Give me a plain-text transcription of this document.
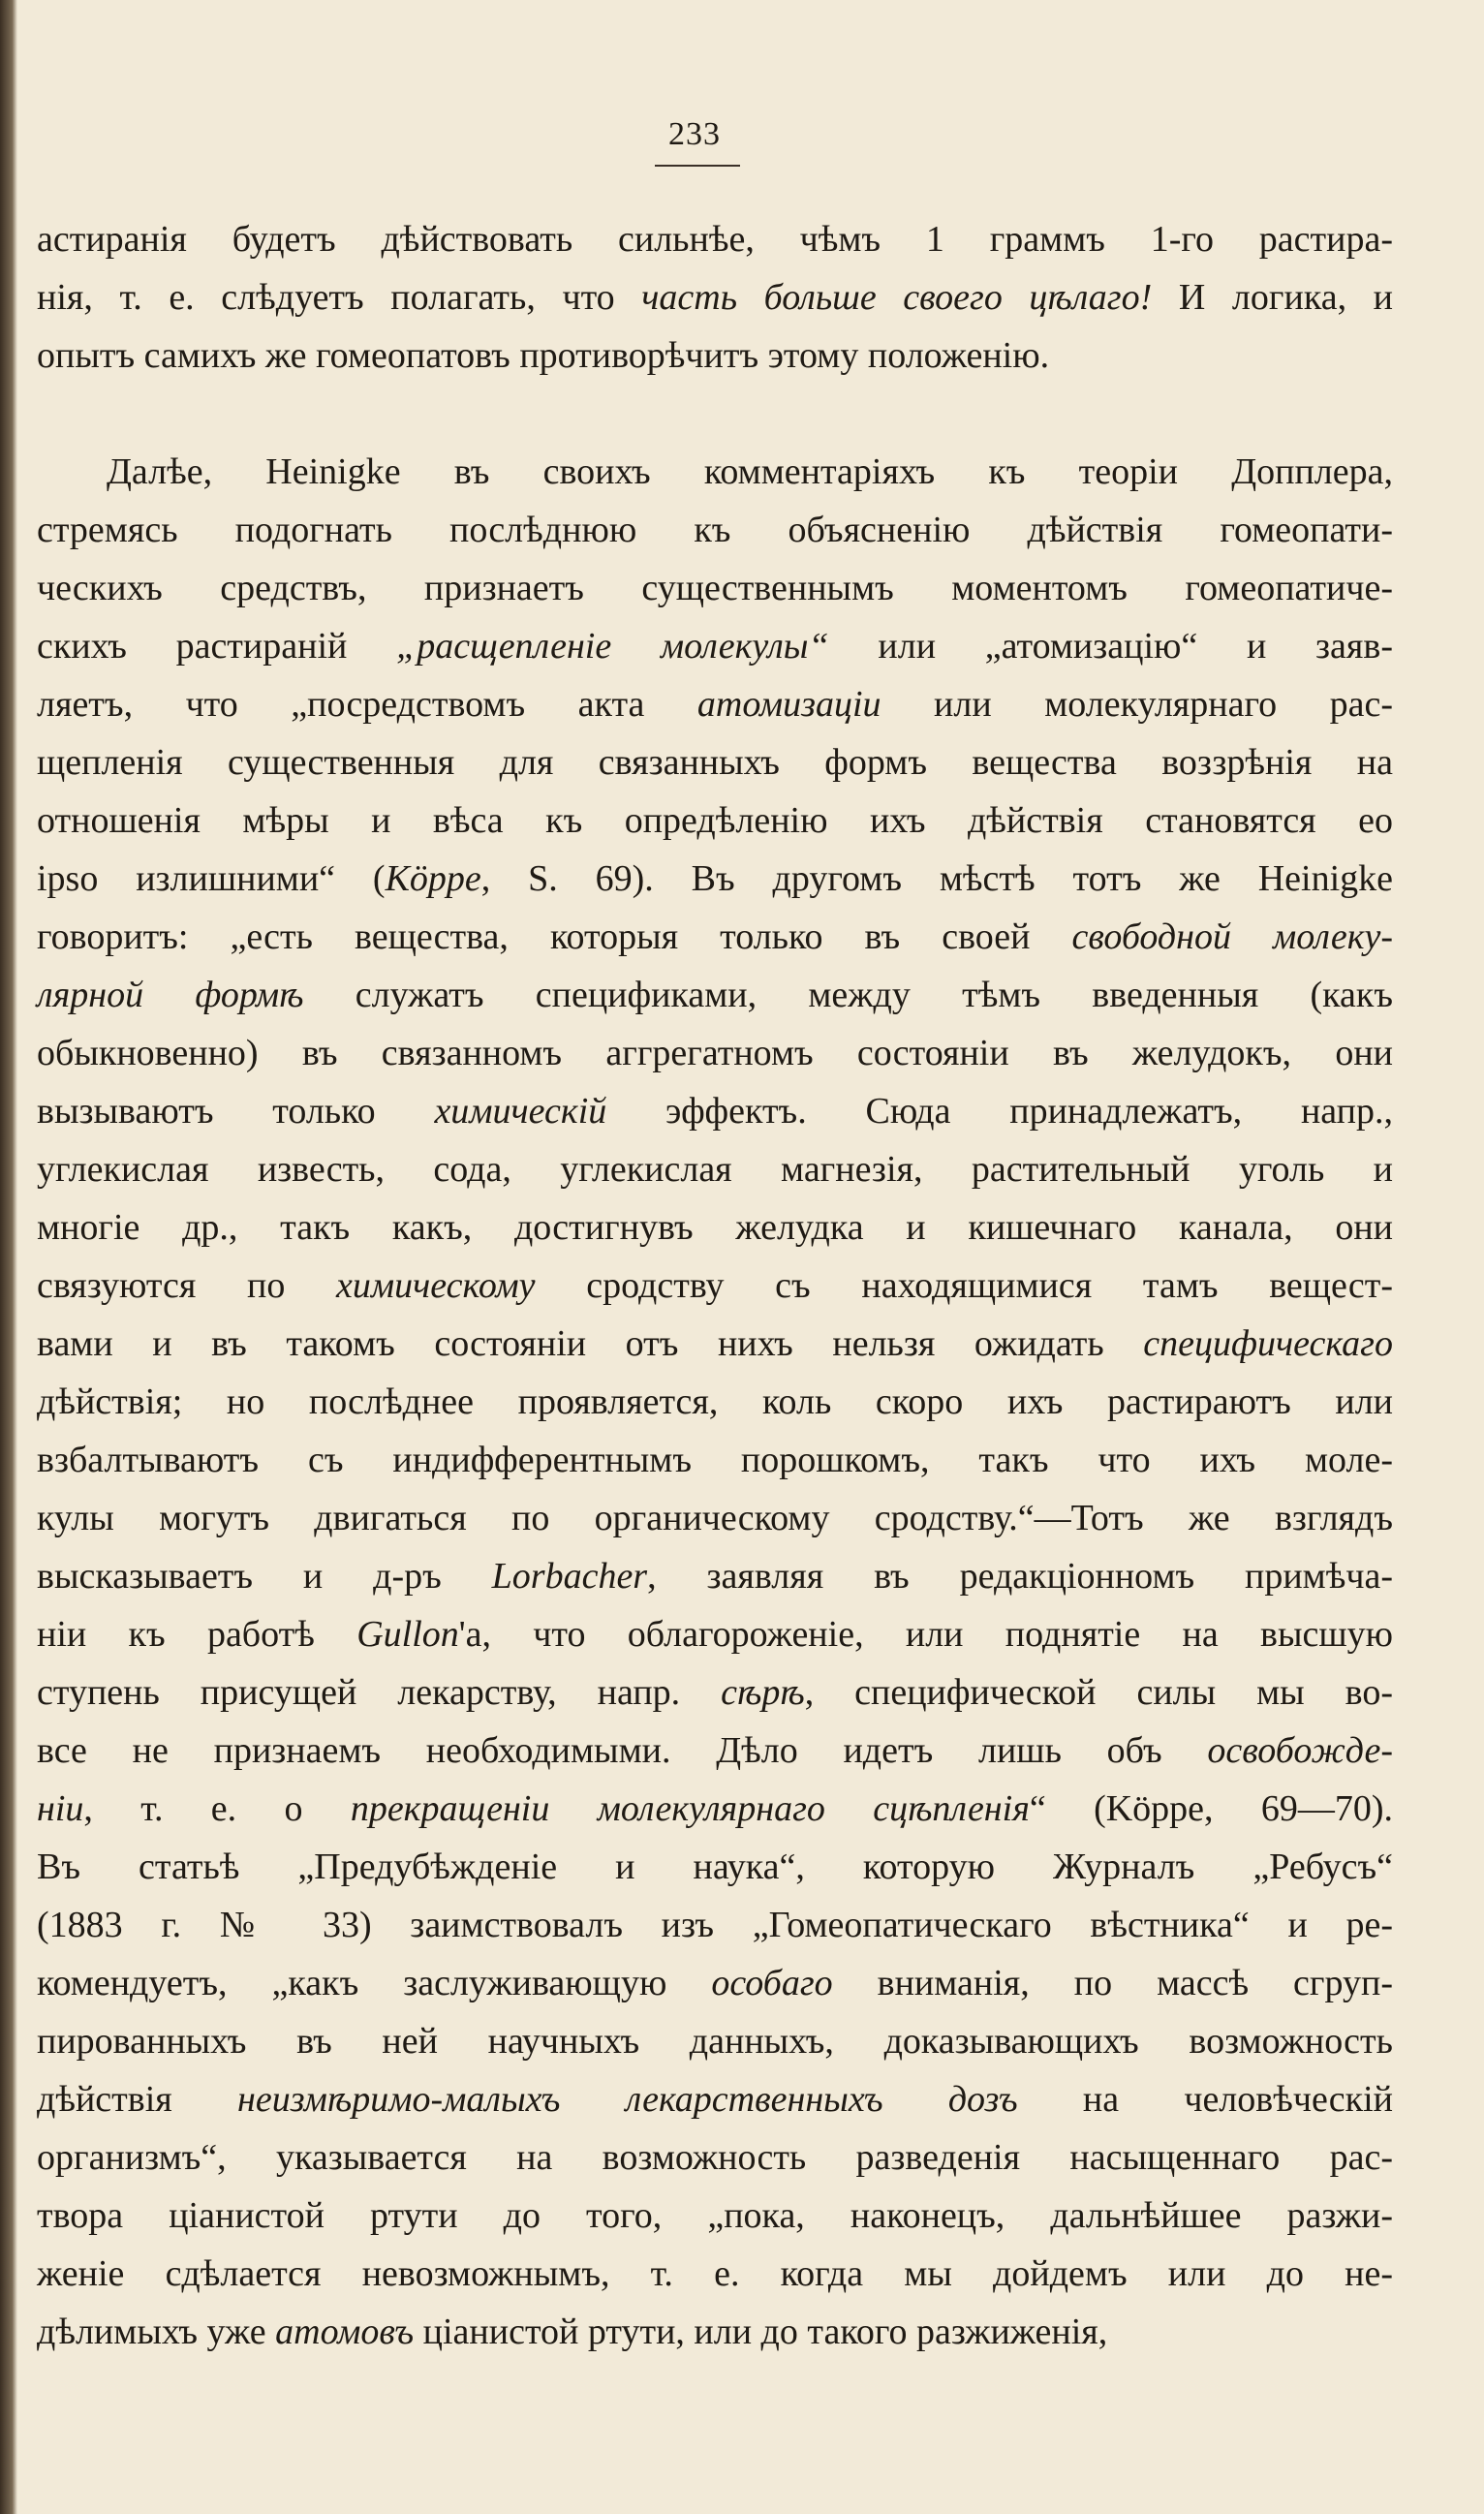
233
астиранія будетъ дѣйствовать сильнѣе, чѣмъ 1 граммъ 1-го растира-
нія, т. е. слѣдуетъ полагать, что часть больше своего цѣлаго! И логика, и
опытъ самихъ же гомеопатовъ противорѣчитъ этому положенію.
Далѣе, Heinigke въ своихъ комментаріяхъ къ теоріи Допплера,
стремясь подогнать послѣднюю къ объясненію дѣйствія гомеопати-
ческихъ средствъ, признаетъ существеннымъ моментомъ гомеопатиче-
скихъ растираній „расщепленіе молекулы“ или „атомизацію“ и заяв-
ляетъ, что „посредствомъ акта атомизаціи или молекулярнаго рас-
щепленія существенныя для связанныхъ формъ вещества воззрѣнія на
отношенія мѣры и вѣса къ опредѣленію ихъ дѣйствія становятся ео
ipso излишними“ (Köppe, S. 69). Въ другомъ мѣстѣ тотъ же Heinigke
говоритъ: „есть вещества, которыя только въ своей свободной молеку-
лярной формѣ служатъ спецификами, между тѣмъ введенныя (какъ
обыкновенно) въ связанномъ аггрегатномъ состояніи въ желудокъ, они
вызываютъ только химическій эффектъ. Сюда принадлежатъ, напр.,
углекислая известь, сода, углекислая магнезія, растительный уголь и
многіе др., такъ какъ, достигнувъ желудка и кишечнаго канала, они
связуются по химическому сродству съ находящимися тамъ вещест-
вами и въ такомъ состояніи отъ нихъ нельзя ожидать специфическаго
дѣйствія; но послѣднее проявляется, коль скоро ихъ растираютъ или
взбалтываютъ съ индифферентнымъ порошкомъ, такъ что ихъ моле-
кулы могутъ двигаться по органическому сродству.“—Тотъ же взглядъ
высказываетъ и д-ръ Lorbacher, заявляя въ редакціонномъ примѣча-
ніи къ работѣ Gullon'а, что облагороженіе, или поднятіе на высшую
ступень присущей лекарству, напр. сѣрѣ, специфической силы мы во-
все не признаемъ необходимыми. Дѣло идетъ лишь объ освобожде-
ніи, т. е. о прекращеніи молекулярнаго сцѣпленія“ (Köppe, 69—70).
Въ статьѣ „Предубѣжденіе и наука“, которую Журналъ „Ребусъ“
(1883 г. № 33) заимствовалъ изъ „Гомеопатическаго вѣстника“ и ре-
комендуетъ, „какъ заслуживающую особаго вниманія, по массѣ сгруп-
пированныхъ въ ней научныхъ данныхъ, доказывающихъ возможность
дѣйствія неизмѣримо-малыхъ лекарственныхъ дозъ на человѣческій
организмъ“, указывается на возможность разведенія насыщеннаго рас-
твора ціанистой ртути до того, „пока, наконецъ, дальнѣйшее разжи-
женіе сдѣлается невозможнымъ, т. е. когда мы дойдемъ или до не-
дѣлимыхъ уже атомовъ ціанистой ртути, или до такого разжиженія,
